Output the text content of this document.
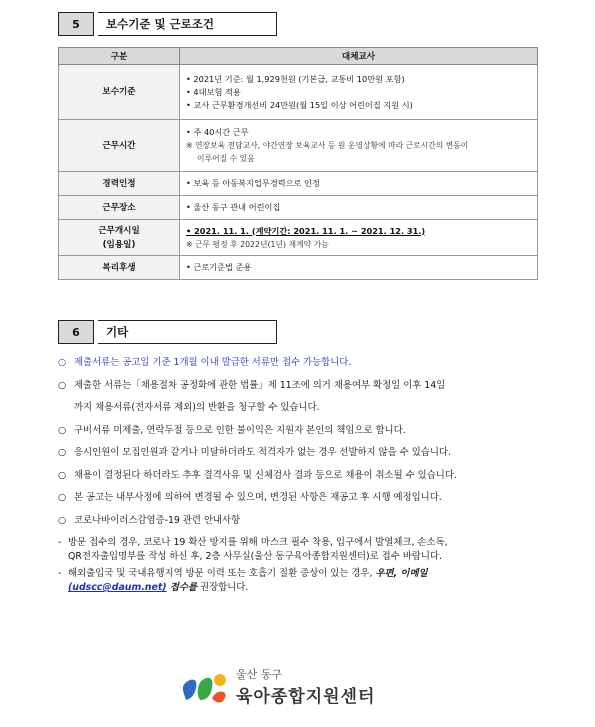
5	보수기준 및 근로조건
구분	대체교사
보수기준	• 2021년 기준: 월 1,929천원 (기본급, 교통비 10만원 포함)
• 4대보험 적용
• 교사 근무환경개선비 24만원(월 15일 이상 어린이집 지원 시)

근무시간	• 주 40시간 근무
※ 연장보육 전담교사, 야간연장 보육교사 등 원 운영상황에 따라 근로시간의 변동이
이루어질 수 있음

경력인정	• 보육 등 아동복지업무경력으로 인정

근무장소	• 울산 동구 관내 어린이집

근무개시일
(임용일)	• 2021. 11. 1. (계약기간: 2021. 11. 1. ~ 2021. 12. 31.)
※ 근무 평정 후 2022년(1년) 재계약 가능

복리후생	• 근로기준법 준용
6	기타
○ 제출서류는 공고일 기준 1개월 이내 발급한 서류만 접수 가능합니다.
○ 제출한 서류는「채용절차 공정화에 관한 법률」제 11조에 의거 채용여부 확정일 이후 14일
까지 채용서류(전자서류 제외)의 반환을 청구할 수 있습니다.
○ 구비서류 미제출, 연락두절 등으로 인한 불이익은 지원자 본인의 책임으로 합니다.
○ 응시인원이 모집인원과 같거나 미달하더라도 적격자가 없는 경우 선발하지 않을 수 있습니다.
○ 채용이 결정된다 하더라도 추후 결격사유 및 신체검사 결과 등으로 채용이 취소될 수 있습니다.
○ 본 공고는 내부사정에 의하여 변경될 수 있으며, 변경된 사항은 재공고 후 시행 예정입니다.
○ 코로나바이러스감염증-19 관련 안내사항
- 방문 접수의 경우, 코로나 19 확산 방지를 위해 마스크 필수 착용, 입구에서 발열체크, 손소독,
QR전자출입명부를 작성 하신 후, 2층 사무실(울산 동구육아종합지원센터)로 접수 바랍니다.
- 해외출입국 및 국내유행지역 방문 이력 또는 호흡기 질환 증상이 있는 경우, 우편, 이메일
(udscc@daum.net) 접수를 권장합니다.
울산 동구
육아종합지원센터
